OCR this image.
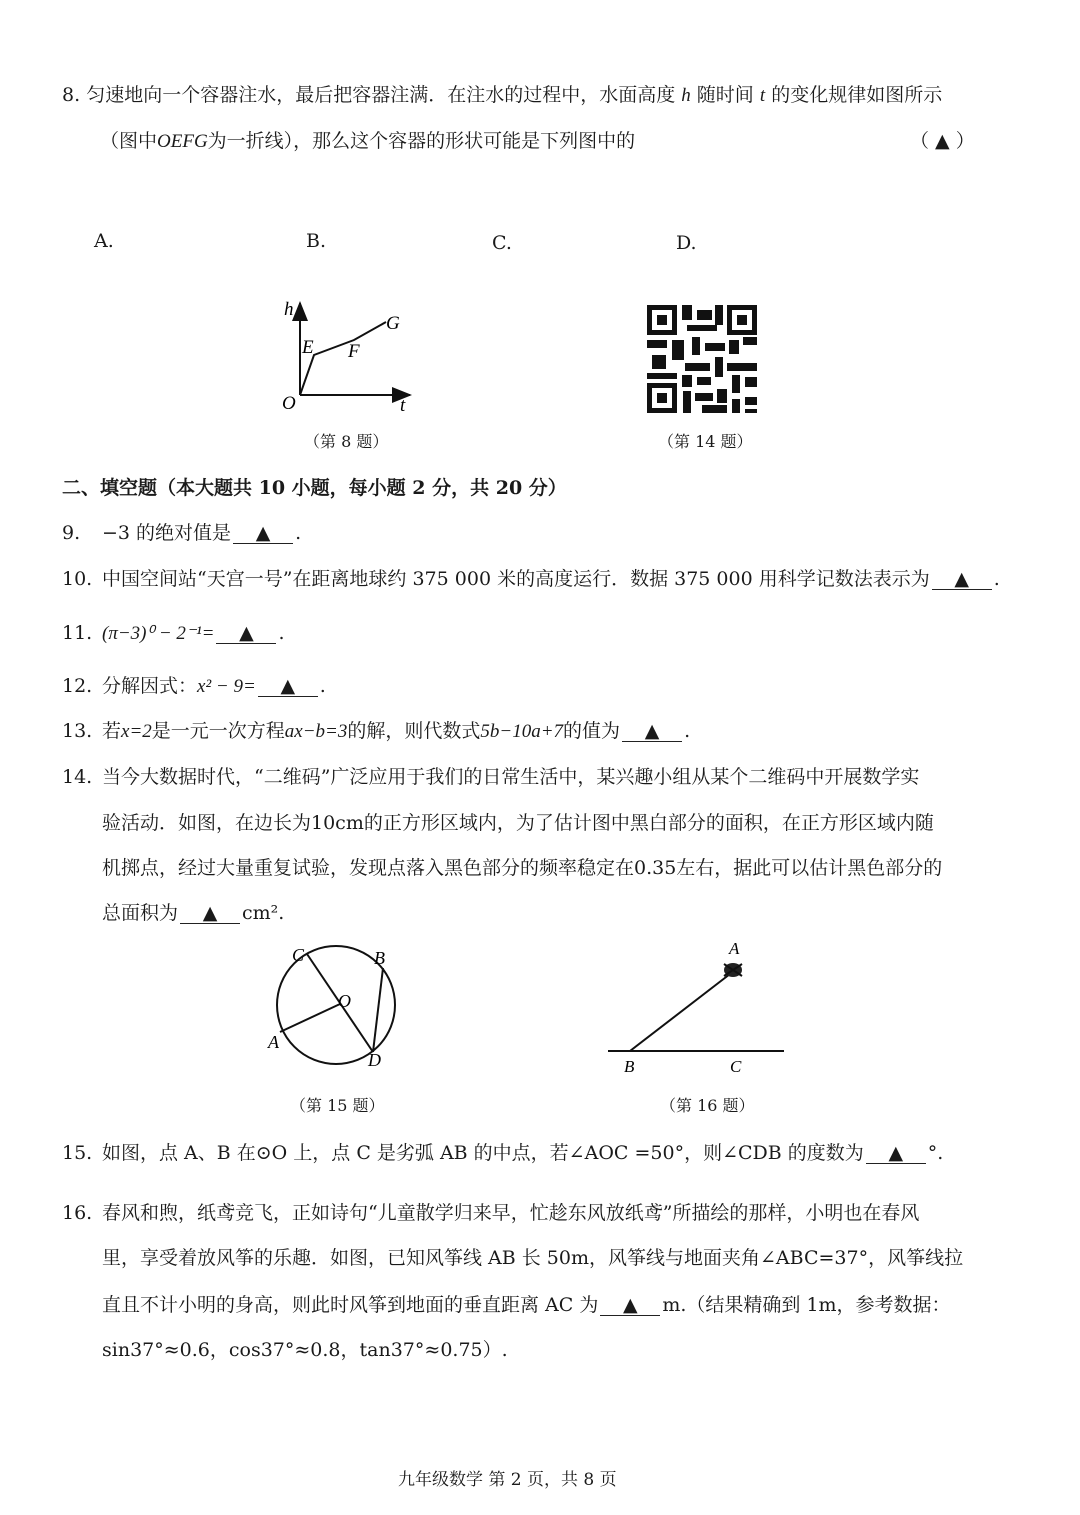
8. 匀速地向一个容器注水，最后把容器注满．在注水的过程中，水面高度 h 随时间 t 的变化规律如图所示
（图中OEFG为一折线），那么这个容器的形状可能是下列图中的	（ ▲ ）
A.	B.	C.	D.
h
t
O
E F
G
（第 8 题）	（第 14 题）
二、填空题（本大题共 10 小题，每小题 2 分，共 20 分）
9. −3 的绝对值是 ▲ .
10. 中国空间站“天宫一号”在距离地球约 375 000 米的高度运行．数据 375 000 用科学记数法表示为 ▲ .
11. (π−3)⁰ − 2⁻¹= ▲ .
12. 分解因式：x² − 9= ▲ .
13. 若x=2是一元一次方程ax−b=3的解，则代数式5b−10a+7的值为 ▲ .
14. 当今大数据时代，“二维码”广泛应用于我们的日常生活中，某兴趣小组从某个二维码中开展数学实
验活动．如图，在边长为10cm的正方形区域内，为了估计图中黑白部分的面积，在正方形区域内随
机掷点，经过大量重复试验，发现点落入黑色部分的频率稳定在0.35左右，据此可以估计黑色部分的
总面积为 ▲ cm².
C	B
O
A
D
（第 15 题）
A
B	C
（第 16 题）
15. 如图，点 A、B 在⊙O 上，点 C 是劣弧 AB 的中点，若∠AOC =50°，则∠CDB 的度数为 ▲ °.
16. 春风和煦，纸鸢竞飞，正如诗句“儿童散学归来早，忙趁东风放纸鸢”所描绘的那样，小明也在春风
里，享受着放风筝的乐趣．如图，已知风筝线 AB 长 50m，风筝线与地面夹角∠ABC=37°，风筝线拉
直且不计小明的身高，则此时风筝到地面的垂直距离 AC 为 ▲ m.（结果精确到 1m，参考数据：
sin37°≈0.6，cos37°≈0.8，tan37°≈0.75）.
九年级数学 第 2 页，共 8 页
